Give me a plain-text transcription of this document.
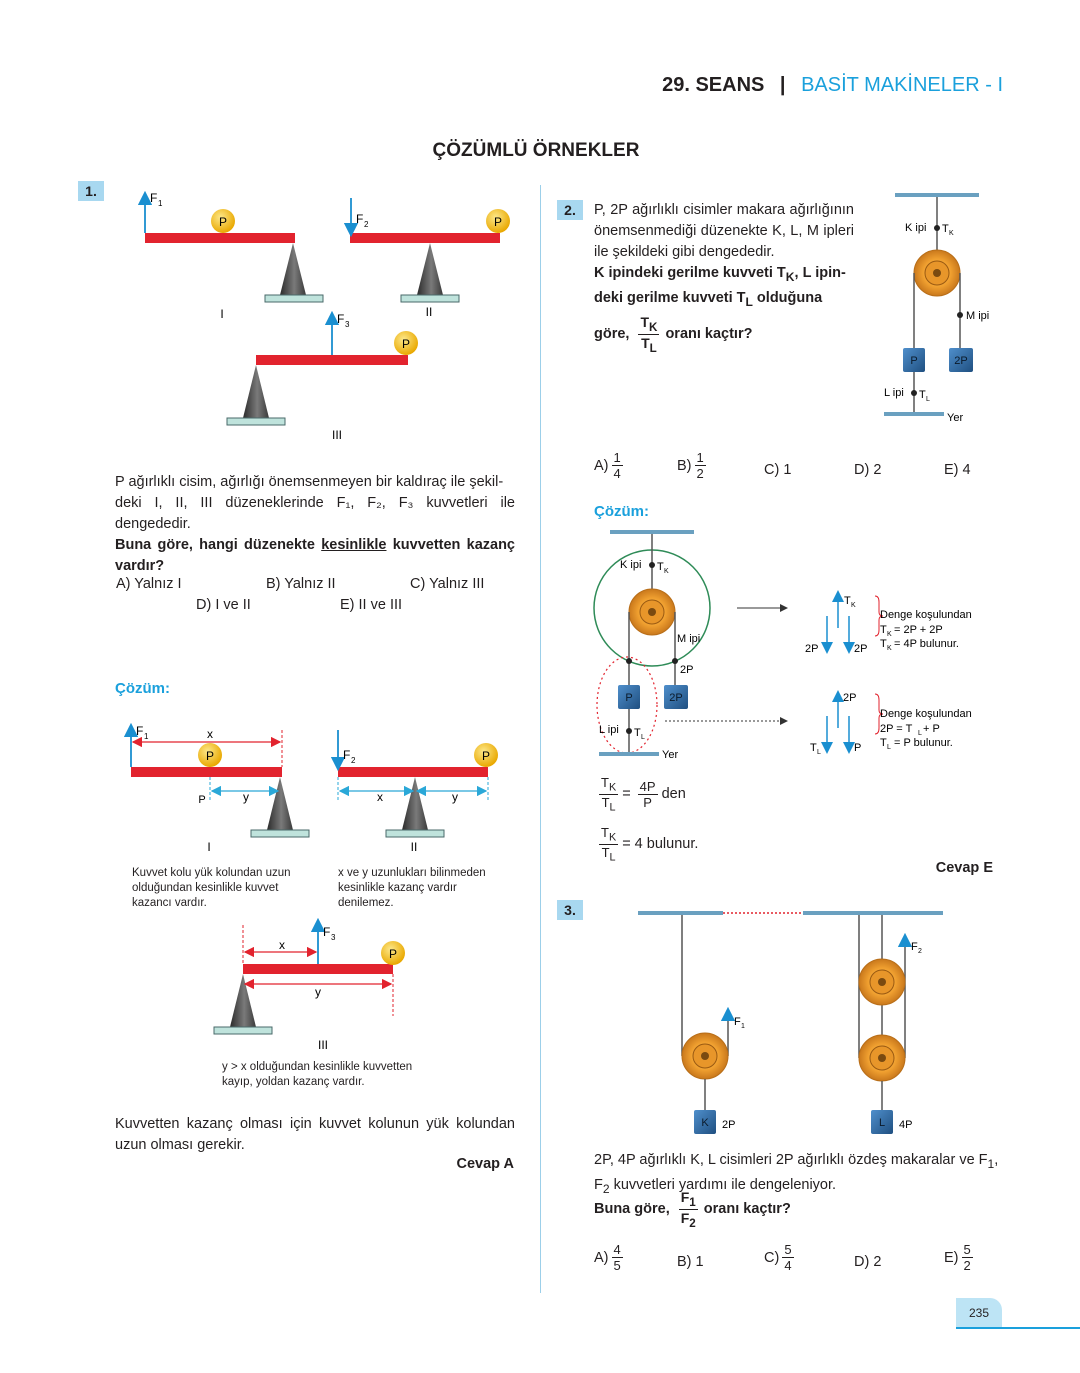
29. SEANS | BASİT MAKİNELER - I
ÇÖZÜMLÜ ÖRNEKLER
1.	F 1
P
I
F 2	P
II
F 3
P
III
P ağırlıklı cisim, ağırlığı önemsenmeyen bir kaldıraç ile şekil-
deki I, II, III düzeneklerinde F₁, F₂, F₃ kuvvetleri ile dengededir.
Buna göre, hangi düzenekte kesinlikle kuvvetten kazanç vardır?
A) Yalnız I	B) Yalnız II	C) Yalnız III
D) I ve II	E) II ve III
Çözüm:
F 1	x
P
y
P
I
F 2	P
x	y
II
F 3
x
P
y
III
Kuvvet kolu yük kolundan uzun olduğundan kesinlikle kuvvet kazancı vardır.
x ve y uzunlukları bilinmeden kesinlikle kazanç vardır denilemez.
y > x olduğundan kesinlikle kuvvetten kayıp, yoldan kazanç vardır.
Kuvvetten kazanç olması için kuvvet kolunun yük kolundan uzun olması gerekir.
Cevap A
2.	P, 2P ağırlıklı cisimler makara ağırlığının önemsenmediği düzenekte K, L, M ipleri ile şekildeki gibi dengededir.
K ipindeki gerilme kuvveti $T_K$, L ipin-
deki gerilme kuvveti $T_L$ olduğuna

göre, $\frac{T_K}{T_L}$ oranı kaçtır?
K ipi T K
M ipi
P	2P
L ipi T L
Yer
$A) \frac{1}{4}$	$B) \frac{1}{2}$	C) 1	D) 2	E) 4
Çözüm:
K ipi T K
M ipi
2P
P	2P
L ipi T L
Yer
T K
2P	2P
Denge koşulundan
T K = 2P + 2P
T K = 4P bulunur.
2P
T L	P
Denge koşulundan
2P = T L + P
T L = P bulunur.
$\frac{T_K}{T_L} = \frac{4P}{P}$ den
$\frac{T_K}{T_L} = 4$ bulunur.
Cevap E
3.
F 1
K 2P
F 2
L 4P
2P, 4P ağırlıklı K, L cisimleri 2P ağırlıklı özdeş makaralar ve $F_1$,
$F_2$ kuvvetleri yardımı ile dengeleniyor.
Buna göre, $\frac{F_1}{F_2}$ oranı kaçtır?
$A) \frac{4}{5}$	B) 1	$C) \frac{5}{4}$	D) 2	$E) \frac{5}{2}$
235
